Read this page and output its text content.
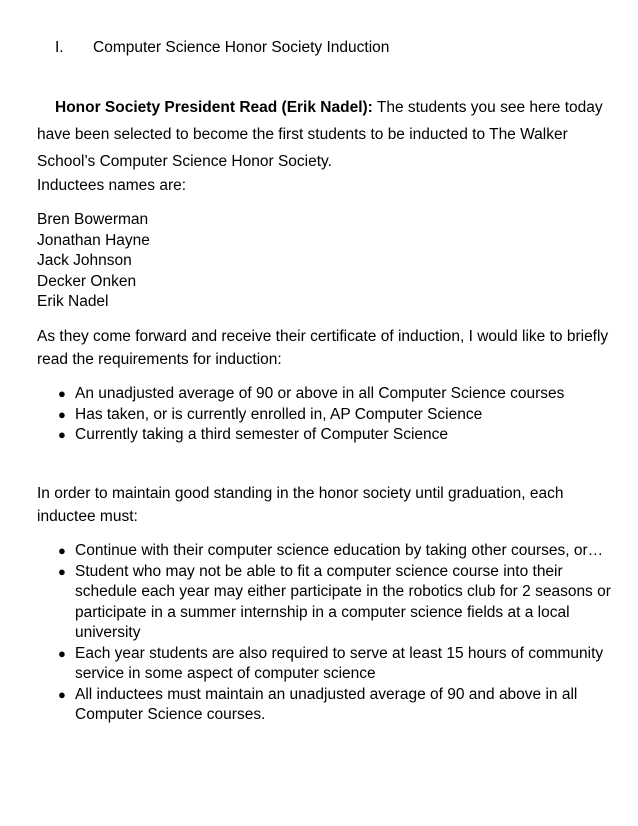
I.	Computer Science Honor Society Induction

Honor Society President Read (Erik Nadel): The students you see here today have been selected to become the first students to be inducted to The Walker School’s Computer Science Honor Society.

Inductees names are:

Bren Bowerman
Jonathan Hayne
Jack Johnson
Decker Onken
Erik Nadel

As they come forward and receive their certificate of induction, I would like to briefly read the requirements for induction:

● An unadjusted average of 90 or above in all Computer Science courses
● Has taken, or is currently enrolled in, AP Computer Science
● Currently taking a third semester of Computer Science

In order to maintain good standing in the honor society until graduation, each inductee must:

● Continue with their computer science education by taking other courses, or…
● Student who may not be able to fit a computer science course into their schedule each year may either participate in the robotics club for 2 seasons or participate in a summer internship in a computer science fields at a local university
● Each year students are also required to serve at least 15 hours of community service in some aspect of computer science
● All inductees must maintain an unadjusted average of 90 and above in all Computer Science courses.
